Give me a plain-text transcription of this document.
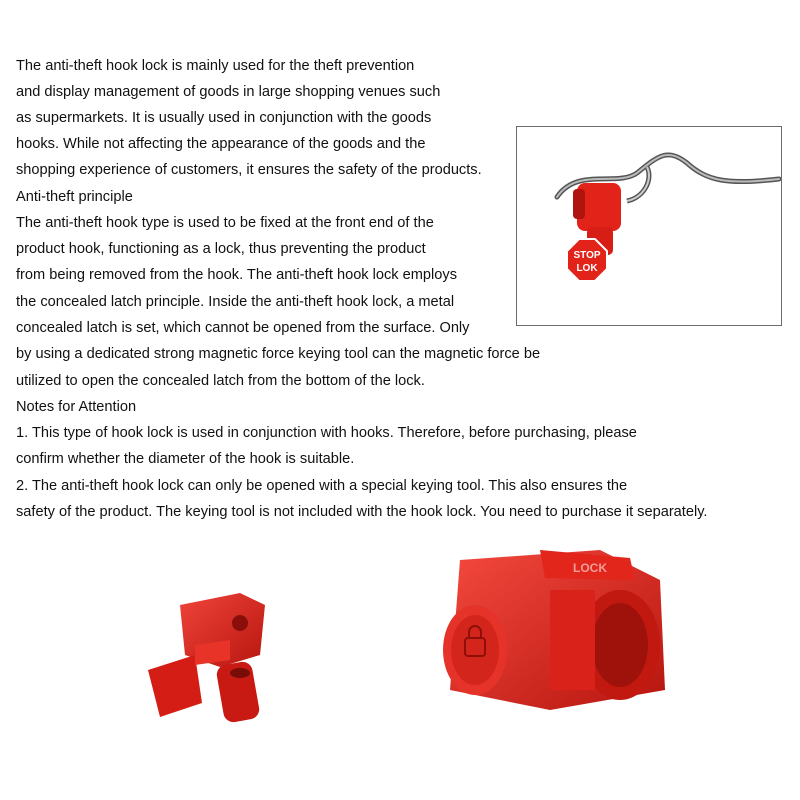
The anti-theft hook lock is mainly used for the theft prevention
and display management of goods in large shopping venues such
as supermarkets. It is usually used in conjunction with the goods
hooks. While not affecting the appearance of the goods and the
shopping experience of customers, it ensures the safety of the products.
Anti-theft principle
The anti-theft hook type is used to be fixed at the front end of the
product hook, functioning as a lock, thus preventing the product
from being removed from the hook. The anti-theft hook lock employs
the concealed latch principle. Inside the anti-theft hook lock, a metal
concealed latch is set, which cannot be opened from the surface. Only
by using a dedicated strong magnetic force keying tool can the magnetic force be
utilized to open the concealed latch from the bottom of the lock.
Notes for Attention
1. This type of hook lock is used in conjunction with hooks. Therefore, before purchasing, please
confirm whether the diameter of the hook is suitable.
2. The anti-theft hook lock can only be opened with a special keying tool. This also ensures the
safety of the product. The keying tool is not included with the hook lock. You need to purchase it separately.
STOP
LOK
LOCK
